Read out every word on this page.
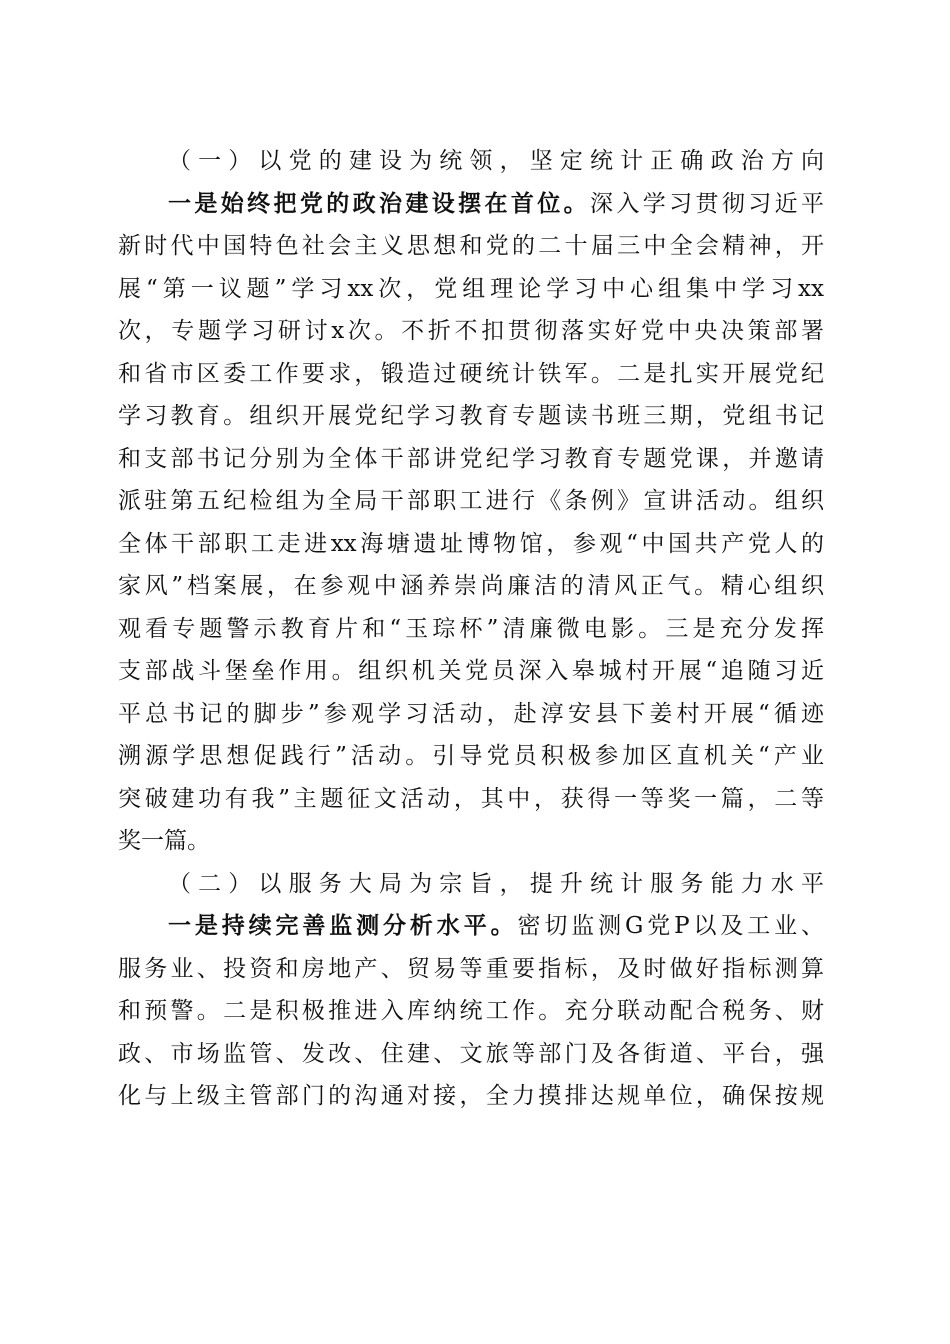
（一）以党的建设为统领，坚定统计正确政治方向
一是始终把党的政治建设摆在首位。深入学习贯彻习近平
新时代中国特色社会主义思想和党的二十届三中全会精神，开
展“第一议题”学习xx次，党组理论学习中心组集中学习xx
次，专题学习研讨x次。不折不扣贯彻落实好党中央决策部署
和省市区委工作要求，锻造过硬统计铁军。二是扎实开展党纪
学习教育。组织开展党纪学习教育专题读书班三期，党组书记
和支部书记分别为全体干部讲党纪学习教育专题党课，并邀请
派驻第五纪检组为全局干部职工进行《条例》宣讲活动。组织
全体干部职工走进xx海塘遗址博物馆，参观“中国共产党人的
家风”档案展，在参观中涵养崇尚廉洁的清风正气。精心组织
观看专题警示教育片和“玉琮杯”清廉微电影。三是充分发挥
支部战斗堡垒作用。组织机关党员深入皋城村开展“追随习近
平总书记的脚步”参观学习活动，赴淳安县下姜村开展“循迹
溯源学思想促践行”活动。引导党员积极参加区直机关“产业
突破建功有我”主题征文活动，其中，获得一等奖一篇，二等
奖一篇。
（二）以服务大局为宗旨，提升统计服务能力水平
一是持续完善监测分析水平。密切监测G党P以及工业、
服务业、投资和房地产、贸易等重要指标，及时做好指标测算
和预警。二是积极推进入库纳统工作。充分联动配合税务、财
政、市场监管、发改、住建、文旅等部门及各街道、平台，强
化与上级主管部门的沟通对接，全力摸排达规单位，确保按规
